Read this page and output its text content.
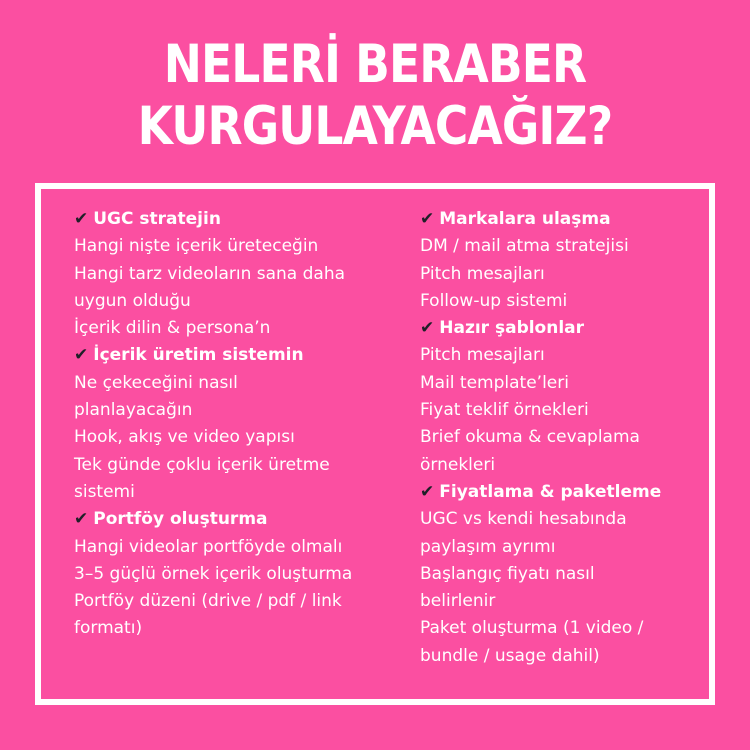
NELERİ BERABER
KURGULAYACAĞIZ?
✔ UGC stratejin
Hangi nişte içerik üreteceğin
Hangi tarz videoların sana daha
uygun olduğu
İçerik dilin & persona’n
✔ İçerik üretim sistemin
Ne çekeceğini nasıl
planlayacağın
Hook, akış ve video yapısı
Tek günde çoklu içerik üretme
sistemi
✔ Portföy oluşturma
Hangi videolar portföyde olmalı
3–5 güçlü örnek içerik oluşturma
Portföy düzeni (drive / pdf / link
formatı)
✔ Markalara ulaşma
DM / mail atma stratejisi
Pitch mesajları
Follow-up sistemi
✔ Hazır şablonlar
Pitch mesajları
Mail template’leri
Fiyat teklif örnekleri
Brief okuma & cevaplama
örnekleri
✔ Fiyatlama & paketleme
UGC vs kendi hesabında
paylaşım ayrımı
Başlangıç fiyatı nasıl
belirlenir
Paket oluşturma (1 video /
bundle / usage dahil)
